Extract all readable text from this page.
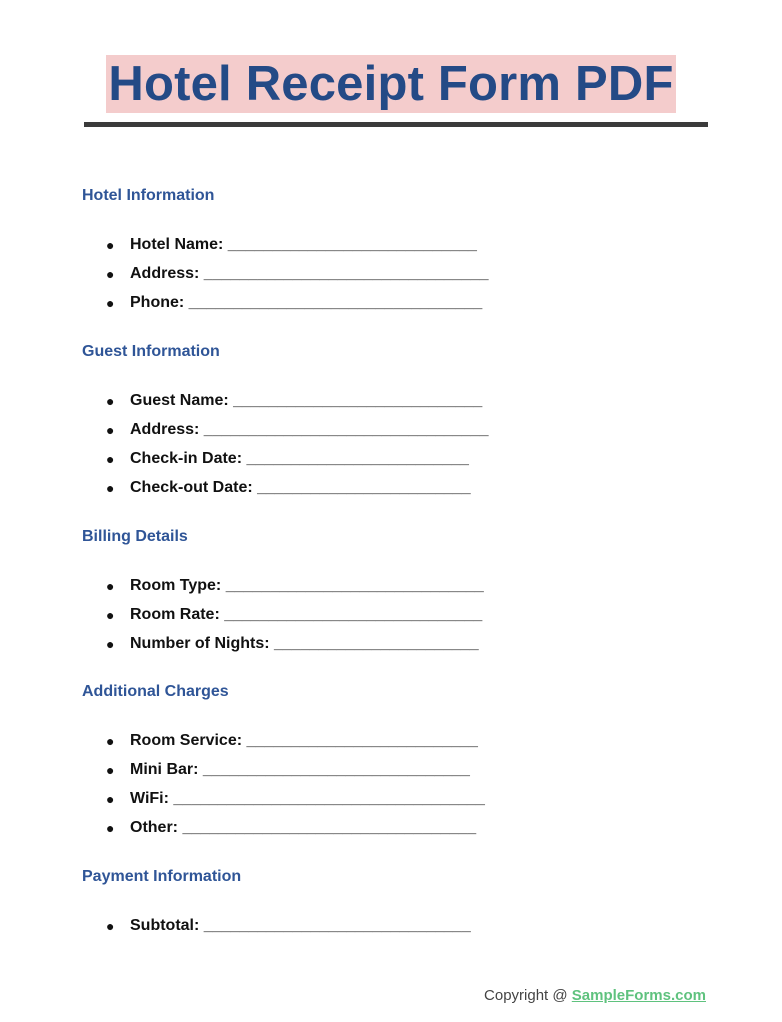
Hotel Receipt Form PDF
Hotel Information
● Hotel Name: ____________________________
● Address: ________________________________
● Phone: _________________________________
Guest Information
● Guest Name: ____________________________
● Address: ________________________________
● Check-in Date: _________________________
● Check-out Date: ________________________
Billing Details
● Room Type: _____________________________
● Room Rate: _____________________________
● Number of Nights: _______________________
Additional Charges
● Room Service: __________________________
● Mini Bar: ______________________________
● WiFi: ___________________________________
● Other: _________________________________
Payment Information
● Subtotal: ______________________________
Copyright @ SampleForms.com
